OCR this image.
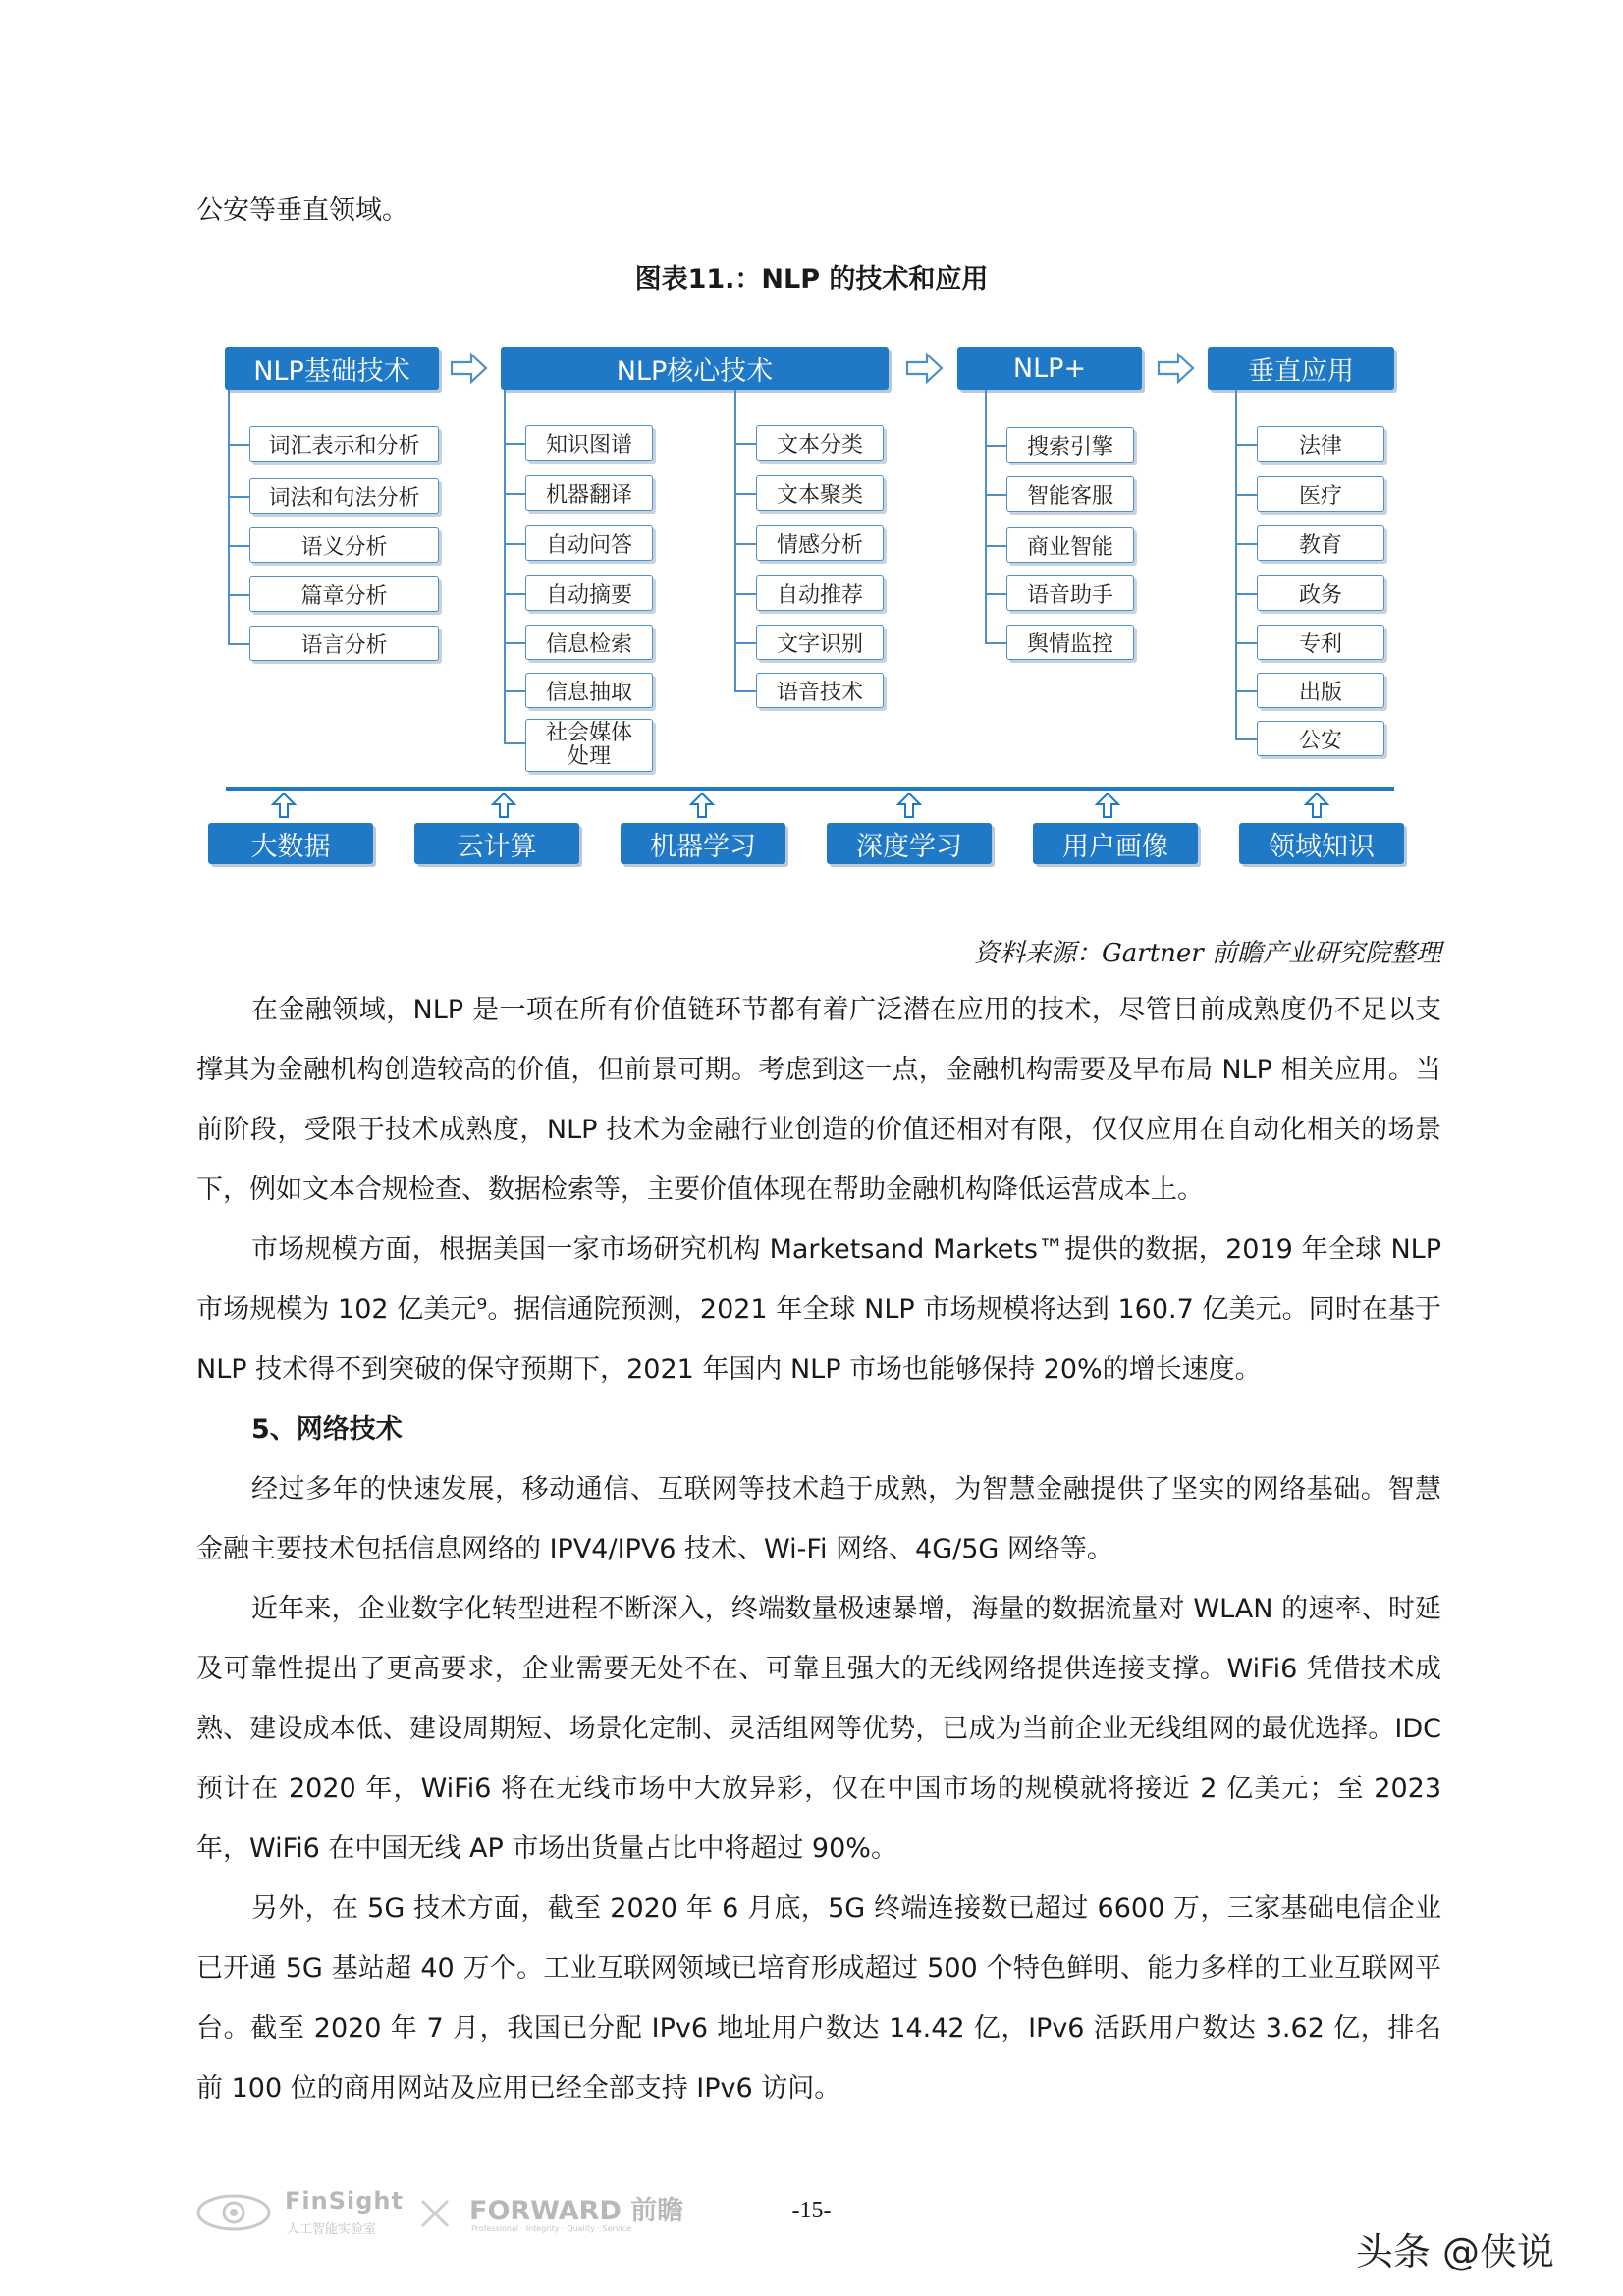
公安等垂直领域。
图表11.：NLP 的技术和应用
NLP基础技术	NLP核心技术	NLP+	垂直应用
词汇表示和分析
词法和句法分析
语义分析
篇章分析
语言分析
知识图谱
机器翻译
自动问答
自动摘要
信息检索
信息抽取
社会媒体处理
文本分类
文本聚类
情感分析
自动推荐
文字识别
语音技术
搜索引擎
智能客服
商业智能
语音助手
舆情监控
法律
医疗
教育
政务
专利
出版
公安
大数据	云计算	机器学习	深度学习	用户画像	领域知识
资料来源：Gartner 前瞻产业研究院整理

在金融领域，NLP 是一项在所有价值链环节都有着广泛潜在应用的技术，尽管目前成熟度仍不足以支撑其为金融机构创造较高的价值，但前景可期。考虑到这一点，金融机构需要及早布局 NLP 相关应用。当前阶段，受限于技术成熟度，NLP 技术为金融行业创造的价值还相对有限，仅仅应用在自动化相关的场景下，例如文本合规检查、数据检索等，主要价值体现在帮助金融机构降低运营成本上。

市场规模方面，根据美国一家市场研究机构 Marketsand Markets™提供的数据，2019 年全球 NLP 市场规模为 102 亿美元⁹。据信通院预测，2021 年全球 NLP 市场规模将达到 160.7 亿美元。同时在基于 NLP 技术得不到突破的保守预期下，2021 年国内 NLP 市场也能够保持 20%的增长速度。

5、网络技术

经过多年的快速发展，移动通信、互联网等技术趋于成熟，为智慧金融提供了坚实的网络基础。智慧金融主要技术包括信息网络的 IPV4/IPV6 技术、Wi-Fi 网络、4G/5G 网络等。

近年来，企业数字化转型进程不断深入，终端数量极速暴增，海量的数据流量对 WLAN 的速率、时延及可靠性提出了更高要求，企业需要无处不在、可靠且强大的无线网络提供连接支撑。WiFi6 凭借技术成熟、建设成本低、建设周期短、场景化定制、灵活组网等优势，已成为当前企业无线组网的最优选择。IDC 预计在 2020 年，WiFi6 将在无线市场中大放异彩，仅在中国市场的规模就将接近 2 亿美元；至 2023 年，WiFi6 在中国无线 AP 市场出货量占比中将超过 90%。

另外，在 5G 技术方面，截至 2020 年 6 月底，5G 终端连接数已超过 6600 万，三家基础电信企业已开通 5G 基站超 40 万个。工业互联网领域已培育形成超过 500 个特色鲜明、能力多样的工业互联网平台。截至 2020 年 7 月，我国已分配 IPv6 地址用户数达 14.42 亿，IPv6 活跃用户数达 3.62 亿，排名前 100 位的商用网站及应用已经全部支持 IPv6 访问。

FinSight
人工智能实验室
FORWARD 前瞻
Professional · Integrity · Quality · Service
-15-
头条 @侠说
